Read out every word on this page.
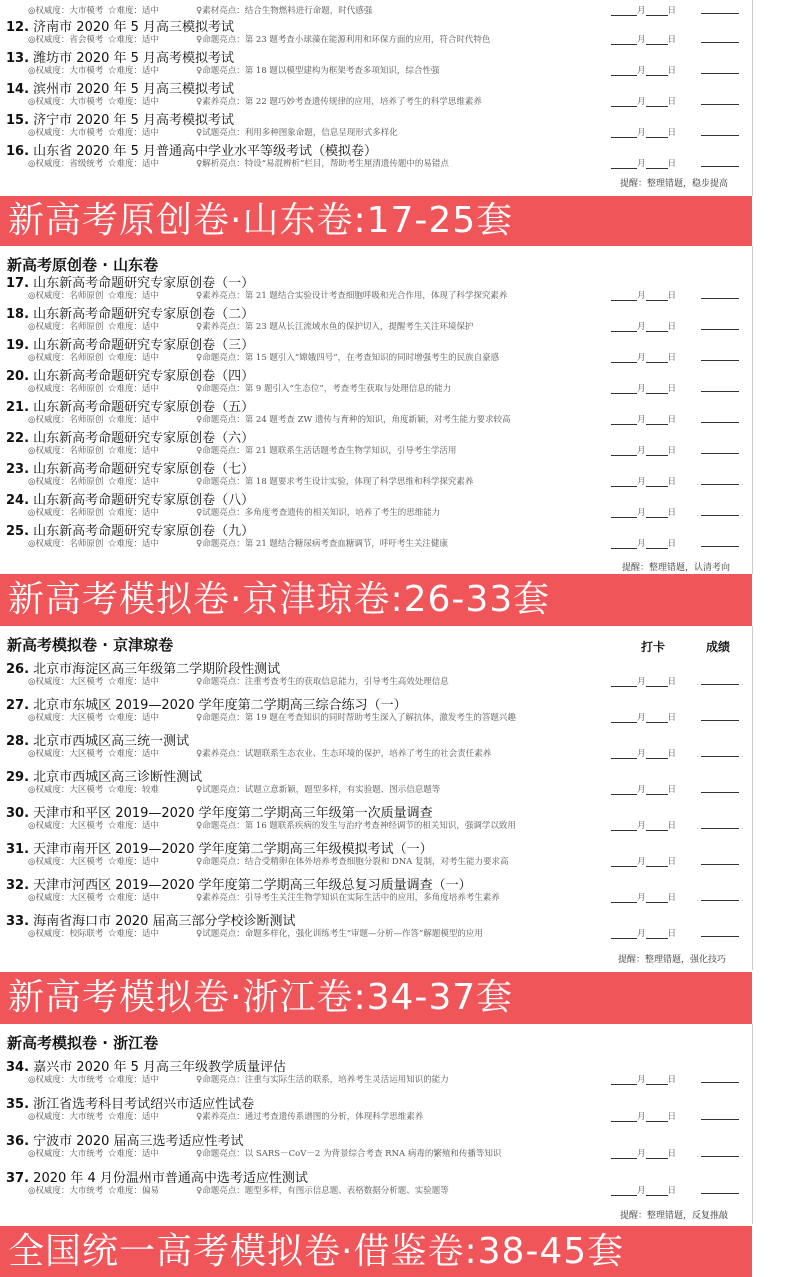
◎权威度：大市模考 ☆难度：适中	♀素材亮点：结合生物燃料进行命题，时代感强	月	日
12. 济南市 2020 年 5 月高三模拟考试
◎权威度：省会模考 ☆难度：适中	♀命题亮点：第 23 题考查小球藻在能源利用和环保方面的应用，符合时代特色	月	日
13. 潍坊市 2020 年 5 月高考模拟考试
◎权威度：大市模考 ☆难度：适中	♀命题亮点：第 18 题以模型建构为框架考查多项知识，综合性强	月	日
14. 滨州市 2020 年 5 月高三模拟考试
◎权威度：大市模考 ☆难度：适中	♀素养亮点：第 22 题巧妙考查遗传规律的应用，培养了考生的科学思维素养	月	日
15. 济宁市 2020 年 5 月高考模拟考试
◎权威度：大市模考 ☆难度：适中	♀试题亮点：利用多种图象命题，信息呈现形式多样化	月	日
16. 山东省 2020 年 5 月普通高中学业水平等级考试（模拟卷）
◎权威度：省级统考 ☆难度：适中	♀解析亮点：特设“易混辨析”栏目，帮助考生厘清遗传题中的易错点	月	日
提醒：整理错题，稳步提高
新高考原创卷·山东卷:17-25套
新高考原创卷 · 山东卷
17. 山东新高考命题研究专家原创卷（一）
◎权威度：名师原创 ☆难度：适中	♀素养亮点：第 21 题结合实验设计考查细胞呼吸和光合作用，体现了科学探究素养	月	日
18. 山东新高考命题研究专家原创卷（二）
◎权威度：名师原创 ☆难度：适中	♀素养亮点：第 23 题从长江流域水鱼的保护切入，提醒考生关注环境保护	月	日
19. 山东新高考命题研究专家原创卷（三）
◎权威度：名师原创 ☆难度：适中	♀命题亮点：第 15 题引入“嫦娥四号”，在考查知识的同时增强考生的民族自豪感	月	日
20. 山东新高考命题研究专家原创卷（四）
◎权威度：名师原创 ☆难度：适中	♀命题亮点：第 9 题引入“生态位”，考查考生获取与处理信息的能力	月	日
21. 山东新高考命题研究专家原创卷（五）
◎权威度：名师原创 ☆难度：适中	♀命题亮点：第 24 题考查 ZW 遗传与育种的知识，角度新颖，对考生能力要求较高	月	日
22. 山东新高考命题研究专家原创卷（六）
◎权威度：名师原创 ☆难度：适中	♀命题亮点：第 21 题联系生活话题考查生物学知识，引导考生学活用	月	日
23. 山东新高考命题研究专家原创卷（七）
◎权威度：名师原创 ☆难度：适中	♀命题亮点：第 18 题要求考生设计实验，体现了科学思维和科学探究素养	月	日
24. 山东新高考命题研究专家原创卷（八）
◎权威度：名师原创 ☆难度：适中	♀试题亮点：多角度考查遗传的相关知识，培养了考生的思维能力	月	日
25. 山东新高考命题研究专家原创卷（九）
◎权威度：名师原创 ☆难度：适中	♀命题亮点：第 21 题结合糖尿病考查血糖调节，呼吁考生关注健康	月	日
提醒：整理错题，认清考向
新高考模拟卷·京津琼卷:26-33套
新高考模拟卷 · 京津琼卷	打卡	成绩
26. 北京市海淀区高三年级第二学期阶段性测试
◎权威度：大区模考 ☆难度：适中	♀命题亮点：注重考查考生的获取信息能力，引导考生高效处理信息	月	日
27. 北京市东城区 2019—2020 学年度第二学期高三综合练习（一）
◎权威度：大区模考 ☆难度：适中	♀命题亮点：第 19 题在考查知识的同时帮助考生深入了解抗体，激发考生的答题兴趣	月	日
28. 北京市西城区高三统一测试
◎权威度：大区模考 ☆难度：适中	♀素养亮点：试题联系生态农业、生态环境的保护，培养了考生的社会责任素养	月	日
29. 北京市西城区高三诊断性测试
◎权威度：大区模考 ☆难度：较难	♀试题亮点：试题立意新颖，题型多样，有实验题、图示信息题等	月	日
30. 天津市和平区 2019—2020 学年度第二学期高三年级第一次质量调查
◎权威度：大区模考 ☆难度：适中	♀命题亮点：第 16 题联系疾病的发生与治疗考查神经调节的相关知识，强调学以致用	月	日
31. 天津市南开区 2019—2020 学年度第二学期高三年级模拟考试（一）
◎权威度：大区模考 ☆难度：适中	♀命题亮点：结合受精卵在体外培养考查细胞分裂和 DNA 复制，对考生能力要求高	月	日
32. 天津市河西区 2019—2020 学年度第二学期高三年级总复习质量调查（一）
◎权威度：大区模考 ☆难度：适中	♀素养亮点：引导考生关注生物学知识在实际生活中的应用，多角度培养考生素养	月	日
33. 海南省海口市 2020 届高三部分学校诊断测试
◎权威度：校际联考 ☆难度：适中	♀试题亮点：命题多样化，强化训练考生“审题—分析—作答”解题模型的应用	月	日
提醒：整理错题，强化技巧
新高考模拟卷·浙江卷:34-37套
新高考模拟卷 · 浙江卷
34. 嘉兴市 2020 年 5 月高三年级教学质量评估
◎权威度：大市统考 ☆难度：适中	♀命题亮点：注重与实际生活的联系，培养考生灵活运用知识的能力	月	日
35. 浙江省选考科目考试绍兴市适应性试卷
◎权威度：大市统考 ☆难度：适中	♀素养亮点：通过考查遗传系谱图的分析，体现科学思维素养	月	日
36. 宁波市 2020 届高三选考适应性考试
◎权威度：大市统考 ☆难度：适中	♀命题亮点：以 SARS－CoV－2 为背景综合考查 RNA 病毒的繁殖和传播等知识	月	日
37. 2020 年 4 月份温州市普通高中选考适应性测试
◎权威度：大市统考 ☆难度：偏易	♀命题亮点：题型多样，有图示信息题、表格数据分析题、实验题等	月	日
提醒：整理错题，反复推敲
全国统一高考模拟卷·借鉴卷:38-45套
